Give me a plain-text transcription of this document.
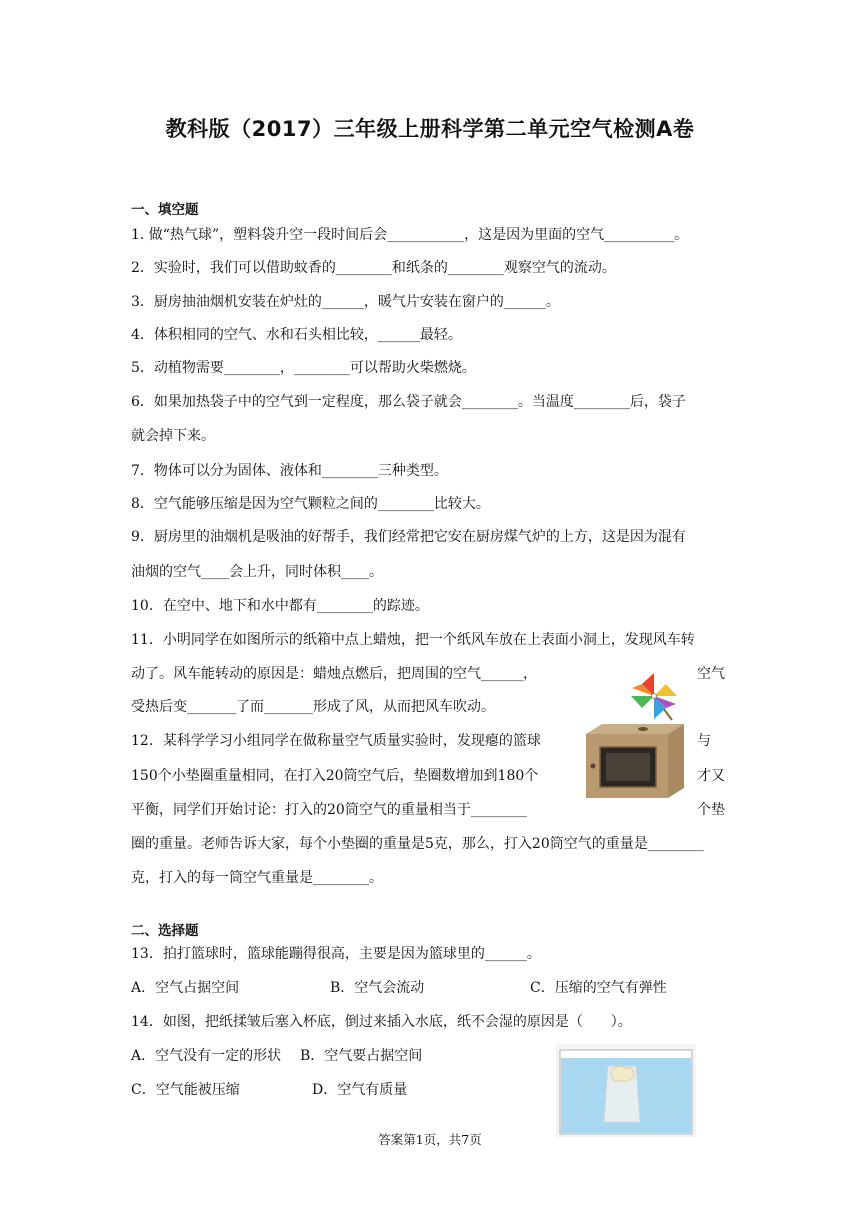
教科版（2017）三年级上册科学第二单元空气检测A卷
一、填空题
1. 做“热气球”，塑料袋升空一段时间后会___________，这是因为里面的空气__________。
2．实验时，我们可以借助蚊香的________和纸条的________观察空气的流动。
3．厨房抽油烟机安装在炉灶的______，暖气片安装在窗户的______。
4．体积相同的空气、水和石头相比较，______最轻。
5．动植物需要________，________可以帮助火柴燃烧。
6．如果加热袋子中的空气到一定程度，那么袋子就会________。当温度________后，袋子
就会掉下来。
7．物体可以分为固体、液体和________三种类型。
8．空气能够压缩是因为空气颗粒之间的________比较大。
9．厨房里的油烟机是吸油的好帮手，我们经常把它安在厨房煤气炉的上方，这是因为混有
油烟的空气____会上升，同时体积____。
10．在空中、地下和水中都有________的踪迹。
11．小明同学在如图所示的纸箱中点上蜡烛，把一个纸风车放在上表面小洞上，发现风车转
动了。风车能转动的原因是：蜡烛点燃后，把周围的空气______，	空气
受热后变_______了而_______形成了风，从而把风车吹动。
12．某科学学习小组同学在做称量空气质量实验时，发现瘪的篮球	与
150个小垫圈重量相同，在打入20筒空气后，垫圈数增加到180个	才又
平衡，同学们开始讨论：打入的20筒空气的重量相当于________	个垫
圈的重量。老师告诉大家，每个小垫圈的重量是5克，那么，打入20筒空气的重量是________
克，打入的每一筒空气重量是________。
二、选择题
13．拍打篮球时，篮球能蹦得很高，主要是因为篮球里的______。
A．空气占据空间	B．空气会流动	C．压缩的空气有弹性
14．如图，把纸揉皱后塞入杯底，倒过来插入水底，纸不会湿的原因是（　　）。
A．空气没有一定的形状 B．空气要占据空间
C．空气能被压缩	D．空气有质量
答案第1页，共7页
